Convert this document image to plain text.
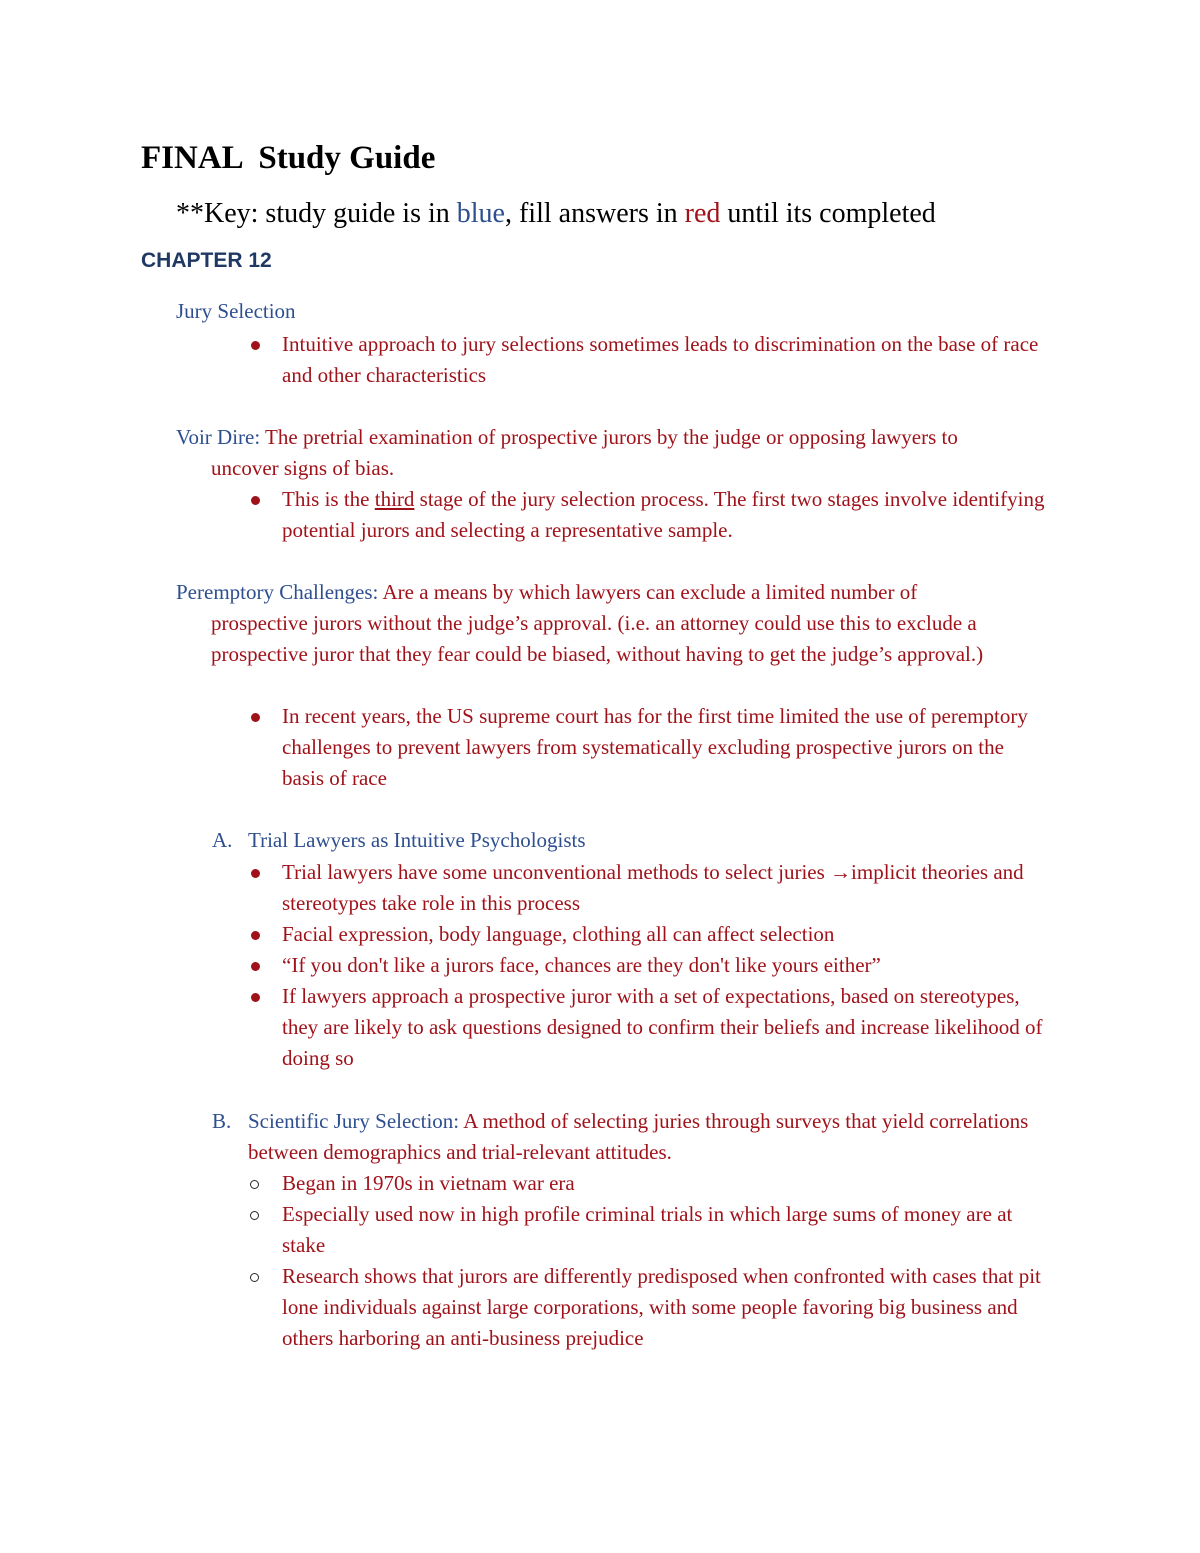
FINAL  Study Guide

**Key: study guide is in blue, fill answers in red until its completed

CHAPTER 12

Jury Selection

Intuitive approach to jury selections sometimes leads to discrimination on the base of race and other characteristics

Voir Dire: The pretrial examination of prospective jurors by the judge or opposing lawyers to
uncover signs of bias.

This is the third stage of the jury selection process. The first two stages involve identifying potential jurors and selecting a representative sample.

Peremptory Challenges: Are a means by which lawyers can exclude a limited number of
prospective jurors without the judge’s approval. (i.e. an attorney could use this to exclude a prospective juror that they fear could be biased, without having to get the judge’s approval.)

In recent years, the US supreme court has for the first time limited the use of peremptory challenges to prevent lawyers from systematically excluding prospective jurors on the basis of race

A. Trial Lawyers as Intuitive Psychologists

Trial lawyers have some unconventional methods to select juries →implicit theories and stereotypes take role in this process
Facial expression, body language, clothing all can affect selection
“If you don't like a jurors face, chances are they don't like yours either”
If lawyers approach a prospective juror with a set of expectations, based on stereotypes, they are likely to ask questions designed to confirm their beliefs and increase likelihood of doing so

B. Scientific Jury Selection: A method of selecting juries through surveys that yield correlations between demographics and trial-relevant attitudes.

Began in 1970s in vietnam war era
Especially used now in high profile criminal trials in which large sums of money are at stake
Research shows that jurors are differently predisposed when confronted with cases that pit lone individuals against large corporations, with some people favoring big business and others harboring an anti-business prejudice
